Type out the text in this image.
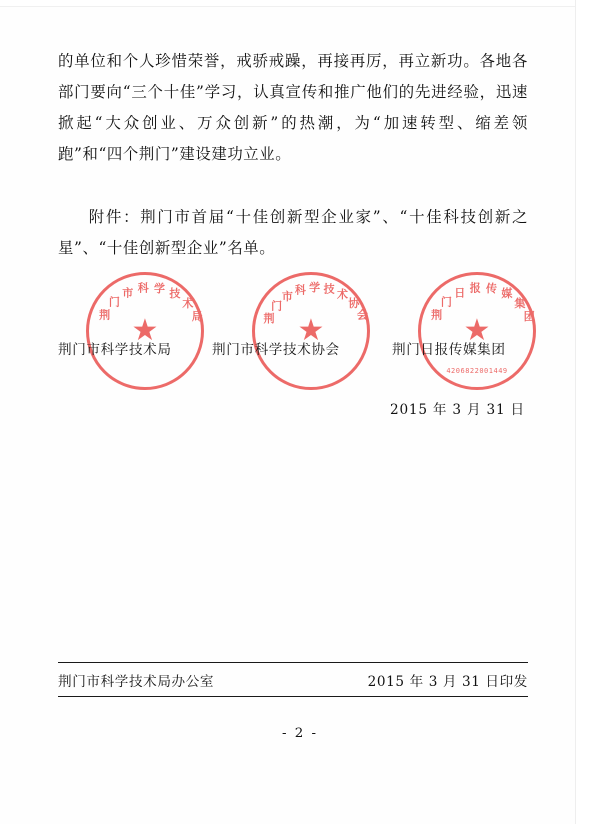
的单位和个人珍惜荣誉，戒骄戒躁，再接再厉，再立新功。各地各部门要向“三个十佳”学习，认真宣传和推广他们的先进经验，迅速掀起“大众创业、万众创新”的热潮，为“加速转型、缩差领跑”和“四个荆门”建设建功立业。

附件：荆门市首届“十佳创新型企业家”、“十佳科技创新之星”、“十佳创新型企业”名单。

荆
门
市 科 学 技
术
局
★	荆
门
市 科 学 技 术
协
会
★	荆
门
日 报 传 媒
集
团
★
4206822001449
荆门市科学技术局	荆门市科学技术协会	荆门日报传媒集团
2015 年 3 月 31 日
荆门市科学技术局办公室	2015 年 3 月 31 日印发
- 2 -
